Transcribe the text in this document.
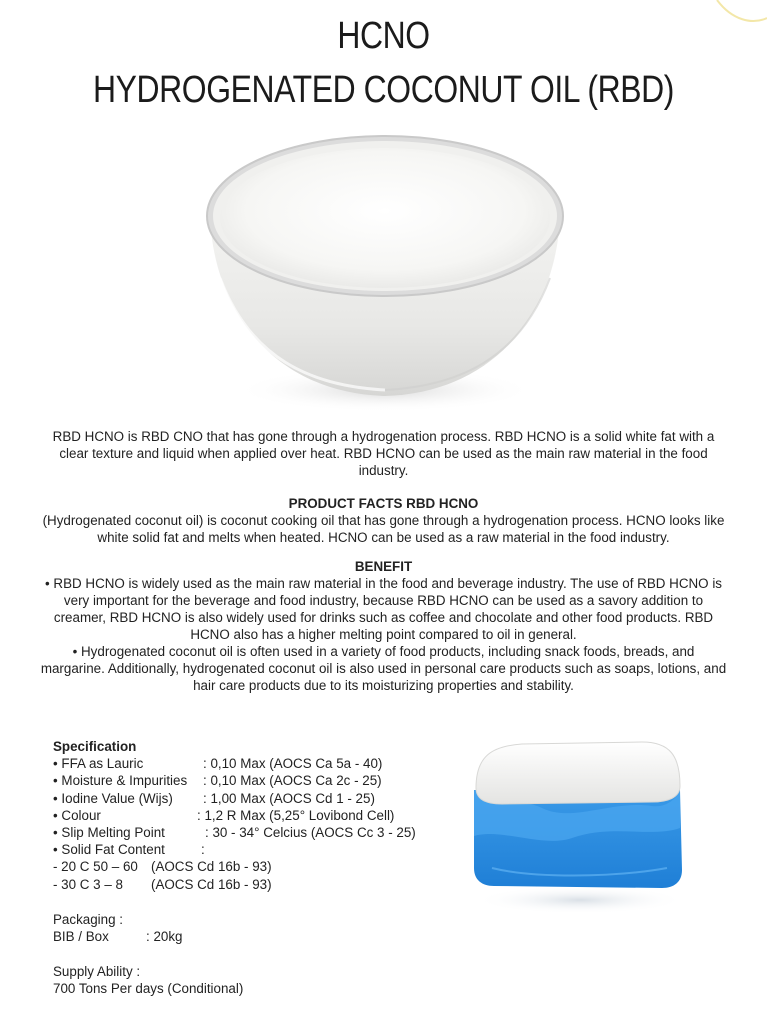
HCNO
HYDROGENATED COCONUT OIL (RBD)

RBD HCNO is RBD CNO that has gone through a hydrogenation process. RBD HCNO is a solid white fat with a clear texture and liquid when applied over heat. RBD HCNO can be used as the main raw material in the food industry.

PRODUCT FACTS RBD HCNO

(Hydrogenated coconut oil) is coconut cooking oil that has gone through a hydrogenation process. HCNO looks like white solid fat and melts when heated. HCNO can be used as a raw material in the food industry.

BENEFIT

• RBD HCNO is widely used as the main raw material in the food and beverage industry. The use of RBD HCNO is very important for the beverage and food industry, because RBD HCNO can be used as a savory addition to creamer, RBD HCNO is also widely used for drinks such as coffee and chocolate and other food products. RBD HCNO also has a higher melting point compared to oil in general.

• Hydrogenated coconut oil is often used in a variety of food products, including snack foods, breads, and margarine. Additionally, hydrogenated coconut oil is also used in personal care products such as soaps, lotions, and hair care products due to its moisturizing properties and stability.

Specification
• FFA as Lauric	: 0,10 Max (AOCS Ca 5a - 40)
• Moisture & Impurities : 0,10 Max (AOCS Ca 2c - 25)
• Iodine Value (Wijs) : 1,00 Max (AOCS Cd 1 - 25)
• Colour	: 1,2 R Max (5,25° Lovibond Cell)
• Slip Melting Point	: 30 - 34° Celcius (AOCS Cc 3 - 25)
• Solid Fat Content	:
- 20 C 50 – 60 (AOCS Cd 16b - 93)
- 30 C 3 – 8 (AOCS Cd 16b - 93)
Packaging :
BIB / Box	: 20kg
Supply Ability :
700 Tons Per days (Conditional)
